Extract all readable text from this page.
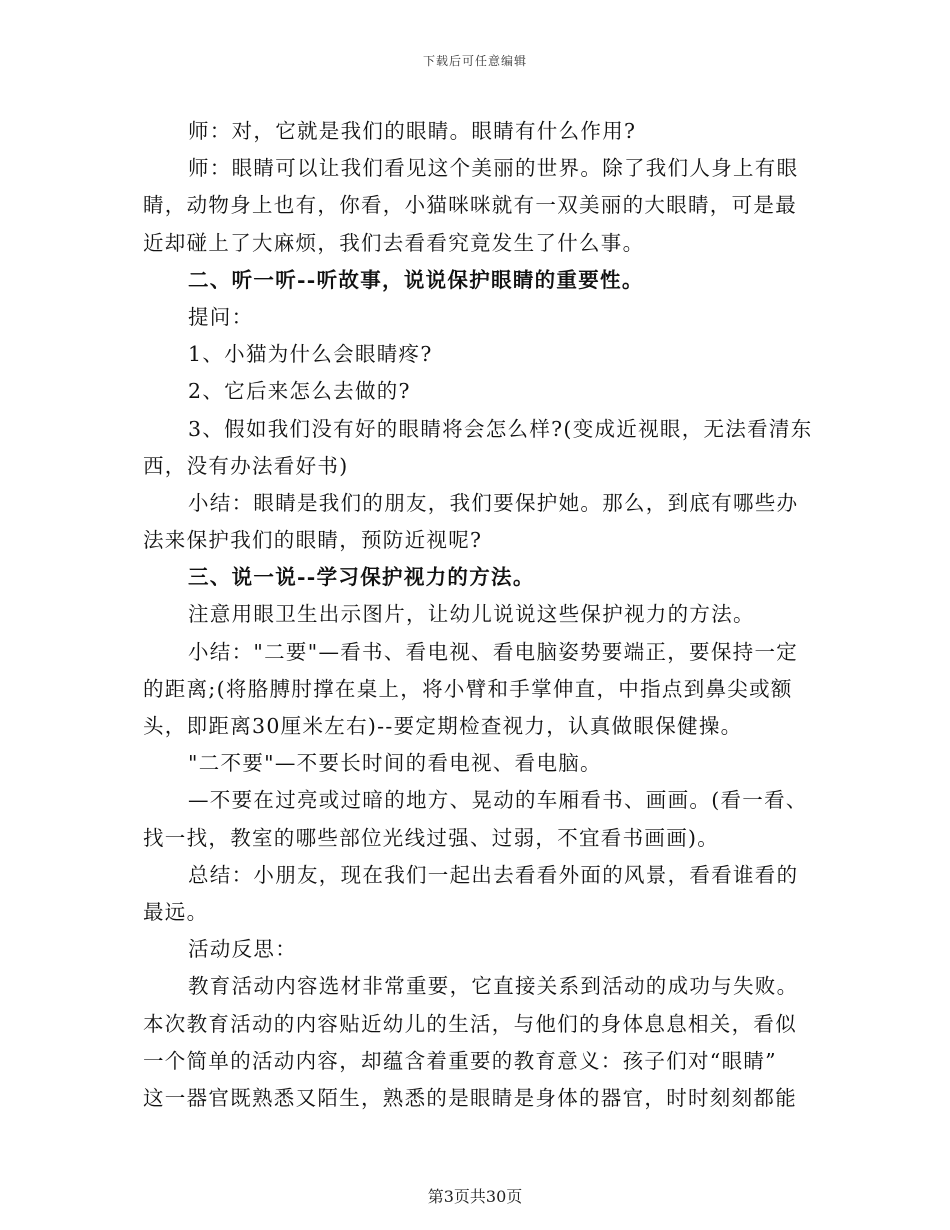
下载后可任意编辑
师：对，它就是我们的眼睛。眼睛有什么作用?
师：眼睛可以让我们看见这个美丽的世界。除了我们人身上有眼
睛，动物身上也有，你看，小猫咪咪就有一双美丽的大眼睛，可是最
近却碰上了大麻烦，我们去看看究竟发生了什么事。
二、听一听--听故事，说说保护眼睛的重要性。
提问：
1、小猫为什么会眼睛疼?
2、它后来怎么去做的?
3、假如我们没有好的眼睛将会怎么样?(变成近视眼，无法看清东
西，没有办法看好书)
小结：眼睛是我们的朋友，我们要保护她。那么，到底有哪些办
法来保护我们的眼睛，预防近视呢?
三、说一说--学习保护视力的方法。
注意用眼卫生出示图片，让幼儿说说这些保护视力的方法。
小结："二要"—看书、看电视、看电脑姿势要端正，要保持一定
的距离;(将胳膊肘撑在桌上，将小臂和手掌伸直，中指点到鼻尖或额
头，即距离30厘米左右)--要定期检查视力，认真做眼保健操。
"二不要"—不要长时间的看电视、看电脑。
—不要在过亮或过暗的地方、晃动的车厢看书、画画。(看一看、
找一找，教室的哪些部位光线过强、过弱，不宜看书画画)。
总结：小朋友，现在我们一起出去看看外面的风景，看看谁看的
最远。
活动反思：
教育活动内容选材非常重要，它直接关系到活动的成功与失败。
本次教育活动的内容贴近幼儿的生活，与他们的身体息息相关，看似
一个简单的活动内容，却蕴含着重要的教育意义：孩子们对“眼睛”
这一器官既熟悉又陌生，熟悉的是眼睛是身体的器官，时时刻刻都能
第3页共30页
